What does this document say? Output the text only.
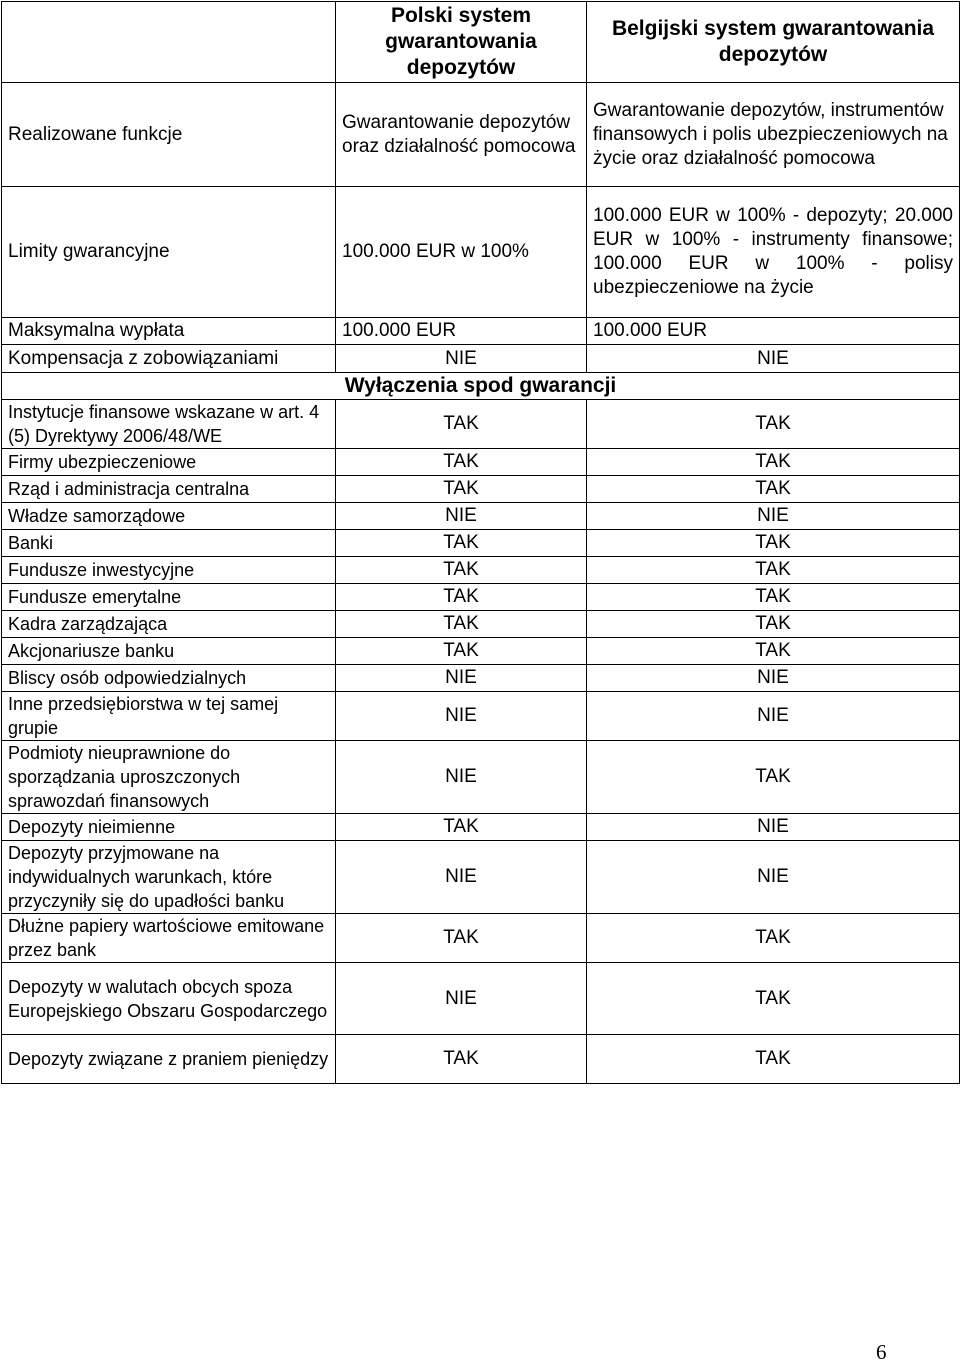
	Polski system gwarantowania depozytów	Belgijski system gwarantowania depozytów
Realizowane funkcje	Gwarantowanie depozytów oraz działalność pomocowa	Gwarantowanie depozytów, instrumentów finansowych i polis ubezpieczeniowych na życie oraz działalność pomocowa
Limity gwarancyjne	100.000 EUR w 100%	100.000 EUR w 100% - depozyty; 20.000 EUR w 100% - instrumenty finansowe; 100.000 EUR w 100% - polisy ubezpieczeniowe na życie
Maksymalna wypłata	100.000 EUR	100.000 EUR
Kompensacja z zobowiązaniami	NIE	NIE
Wyłączenia spod gwarancji		
Instytucje finansowe wskazane w art. 4 (5) Dyrektywy 2006/48/WE	TAK	TAK
Firmy ubezpieczeniowe	TAK	TAK
Rząd i administracja centralna	TAK	TAK
Władze samorządowe	NIE	NIE
Banki	TAK	TAK
Fundusze inwestycyjne	TAK	TAK
Fundusze emerytalne	TAK	TAK
Kadra zarządzająca	TAK	TAK
Akcjonariusze banku	TAK	TAK
Bliscy osób odpowiedzialnych	NIE	NIE
Inne przedsiębiorstwa w tej samej grupie	NIE	NIE
Podmioty nieuprawnione do sporządzania uproszczonych sprawozdań finansowych	NIE	TAK
Depozyty nieimienne	TAK	NIE
Depozyty przyjmowane na indywidualnych warunkach, które przyczyniły się do upadłości banku	NIE	NIE
Dłużne papiery wartościowe emitowane przez bank	TAK	TAK
Depozyty w walutach obcych spoza Europejskiego Obszaru Gospodarczego	NIE	TAK
Depozyty związane z praniem pieniędzy	TAK	TAK
6
